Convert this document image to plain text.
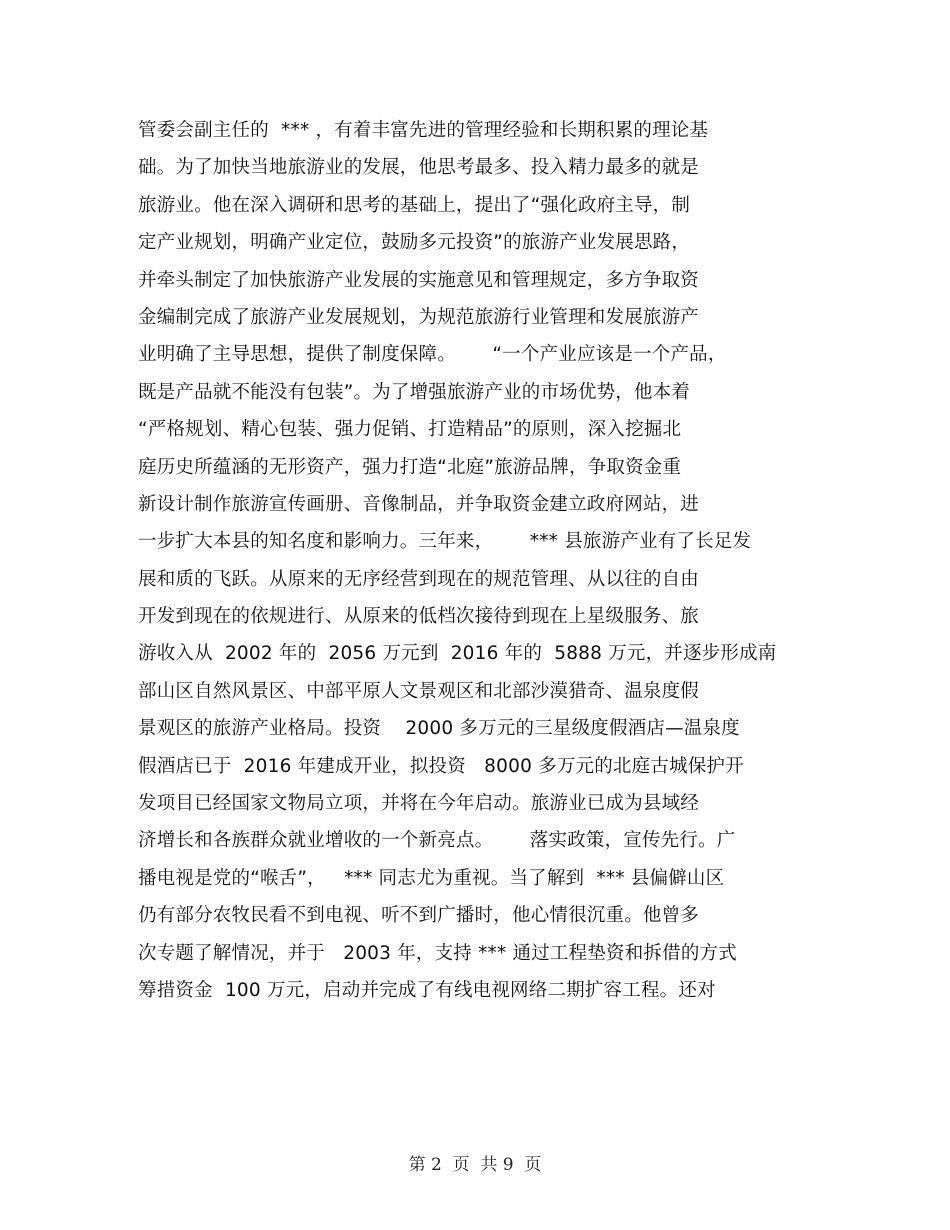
管委会副主任的  *** ，有着丰富先进的管理经验和长期积累的理论基
础。为了加快当地旅游业的发展，他思考最多、投入精力最多的就是
旅游业。他在深入调研和思考的基础上，提出了“强化政府主导，制
定产业规划，明确产业定位，鼓励多元投资”的旅游产业发展思路，
并牵头制定了加快旅游产业发展的实施意见和管理规定，多方争取资
金编制完成了旅游产业发展规划，为规范旅游行业管理和发展旅游产
业明确了主导思想，提供了制度保障。      “一个产业应该是一个产品，
既是产品就不能没有包装”。为了增强旅游产业的市场优势，他本着
“严格规划、精心包装、强力促销、打造精品”的原则，深入挖掘北
庭历史所蕴涵的无形资产，强力打造“北庭”旅游品牌，争取资金重
新设计制作旅游宣传画册、音像制品，并争取资金建立政府网站，进
一步扩大本县的知名度和影响力。三年来，      *** 县旅游产业有了长足发
展和质的飞跃。从原来的无序经营到现在的规范管理、从以往的自由
开发到现在的依规进行、从原来的低档次接待到现在上星级服务、旅
游收入从  2002 年的  2056 万元到  2016 年的  5888 万元，并逐步形成南
部山区自然风景区、中部平原人文景观区和北部沙漠猎奇、温泉度假
景观区的旅游产业格局。投资    2000 多万元的三星级度假酒店—温泉度
假酒店已于  2016 年建成开业，拟投资   8000 多万元的北庭古城保护开
发项目已经国家文物局立项，并将在今年启动。旅游业已成为县域经
济增长和各族群众就业增收的一个新亮点。      落实政策，宣传先行。广
播电视是党的“喉舌”，   *** 同志尤为重视。当了解到  *** 县偏僻山区
仍有部分农牧民看不到电视、听不到广播时，他心情很沉重。他曾多
次专题了解情况，并于   2003 年，支持 *** 通过工程垫资和拆借的方式
筹措资金  100 万元，启动并完成了有线电视网络二期扩容工程。还对
第 2  页  共 9  页
